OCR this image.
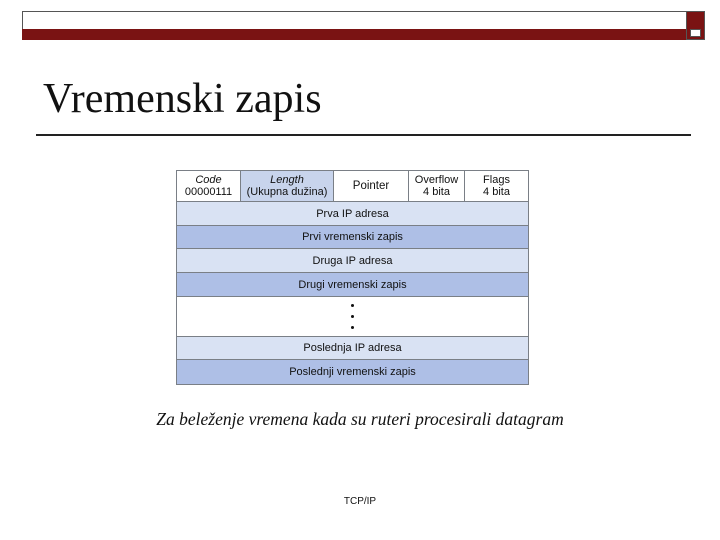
Vremenski zapis
Code
00000111
Length
(Ukupna dužina) Pointer Overflow
4 bita
Flags
4 bita
Prva IP adresa
Prvi vremenski zapis
Druga IP adresa
Drugi vremenski zapis
Poslednja IP adresa
Poslednji vremenski zapis
Za beleženje vremena kada su ruteri procesirali datagram
TCP/IP
